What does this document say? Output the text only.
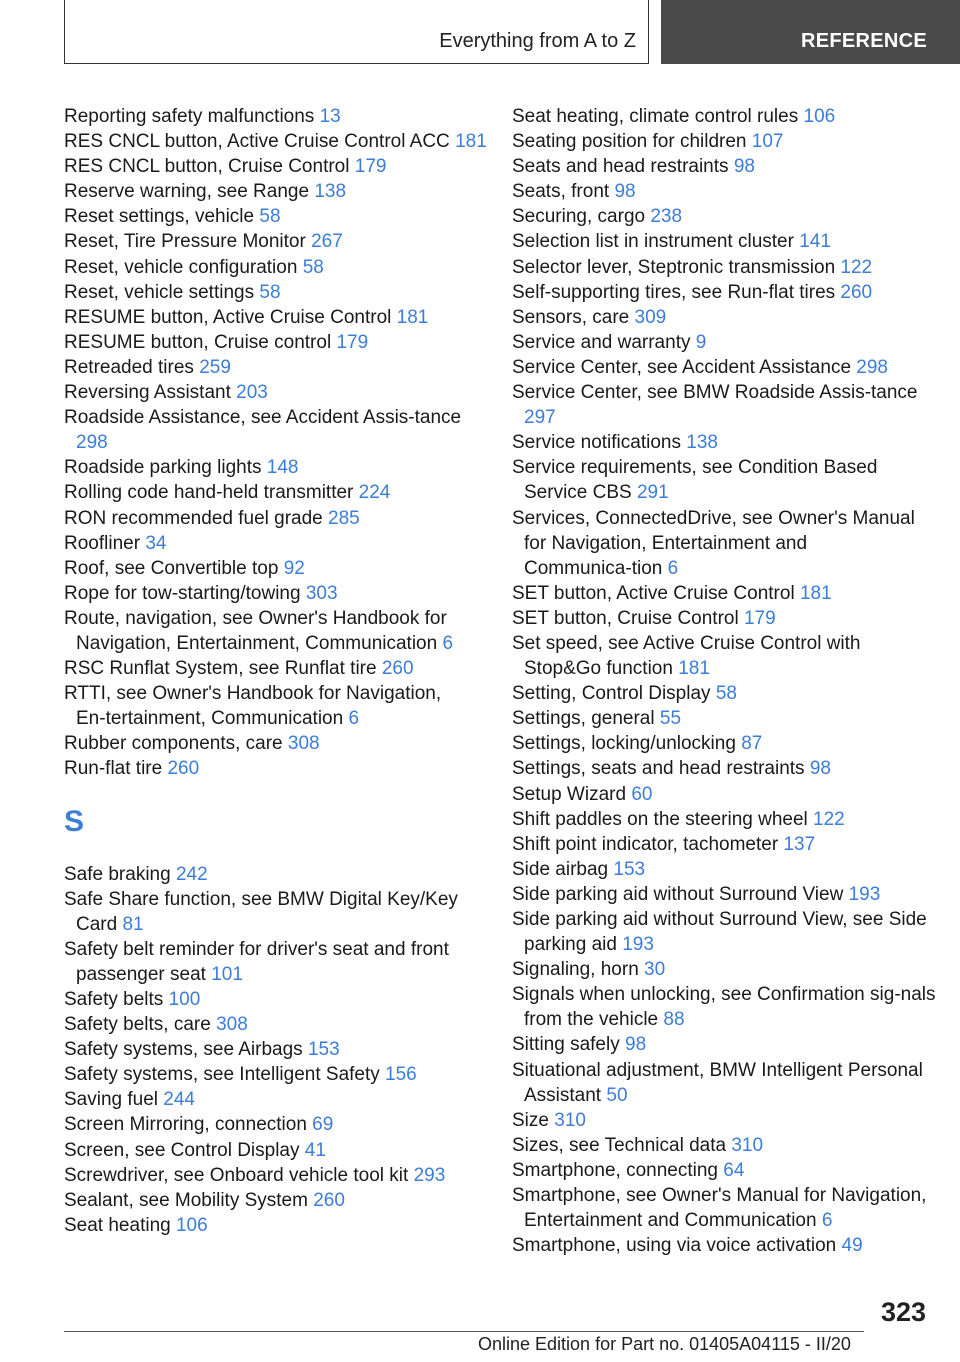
Everything from A to Z	REFERENCE
Reporting safety malfunctions 13
RES CNCL button, Active Cruise Control ACC 181
RES CNCL button, Cruise Control 179
Reserve warning, see Range 138
Reset settings, vehicle 58
Reset, Tire Pressure Monitor 267
Reset, vehicle configuration 58
Reset, vehicle settings 58
RESUME button, Active Cruise Control 181
RESUME button, Cruise control 179
Retreaded tires 259
Reversing Assistant 203
Roadside Assistance, see Accident Assis‑tance 298
Roadside parking lights 148
Rolling code hand-held transmitter 224
RON recommended fuel grade 285
Roofliner 34
Roof, see Convertible top 92
Rope for tow-starting/towing 303
Route, navigation, see Owner's Handbook for Navigation, Entertainment, Communication 6
RSC Runflat System, see Runflat tire 260
RTTI, see Owner's Handbook for Navigation, En‑tertainment, Communication 6
Rubber components, care 308
Run-flat tire 260
S
Safe braking 242
Safe Share function, see BMW Digital Key/Key Card 81
Safety belt reminder for driver's seat and front passenger seat 101
Safety belts 100
Safety belts, care 308
Safety systems, see Airbags 153
Safety systems, see Intelligent Safety 156
Saving fuel 244
Screen Mirroring, connection 69
Screen, see Control Display 41
Screwdriver, see Onboard vehicle tool kit 293
Sealant, see Mobility System 260
Seat heating 106
Seat heating, climate control rules 106
Seating position for children 107
Seats and head restraints 98
Seats, front 98
Securing, cargo 238
Selection list in instrument cluster 141
Selector lever, Steptronic transmission 122
Self-supporting tires, see Run-flat tires 260
Sensors, care 309
Service and warranty 9
Service Center, see Accident Assistance 298
Service Center, see BMW Roadside Assis‑tance 297
Service notifications 138
Service requirements, see Condition Based Service CBS 291
Services, ConnectedDrive, see Owner's Manual for Navigation, Entertainment and Communica‑tion 6
SET button, Active Cruise Control 181
SET button, Cruise Control 179
Set speed, see Active Cruise Control with Stop&Go function 181
Setting, Control Display 58
Settings, general 55
Settings, locking/unlocking 87
Settings, seats and head restraints 98
Setup Wizard 60
Shift paddles on the steering wheel 122
Shift point indicator, tachometer 137
Side airbag 153
Side parking aid without Surround View 193
Side parking aid without Surround View, see Side parking aid 193
Signaling, horn 30
Signals when unlocking, see Confirmation sig‑nals from the vehicle 88
Sitting safely 98
Situational adjustment, BMW Intelligent Personal Assistant 50
Size 310
Sizes, see Technical data 310
Smartphone, connecting 64
Smartphone, see Owner's Manual for Navigation, Entertainment and Communication 6
Smartphone, using via voice activation 49
323
Online Edition for Part no. 01405A04115 - II/20
